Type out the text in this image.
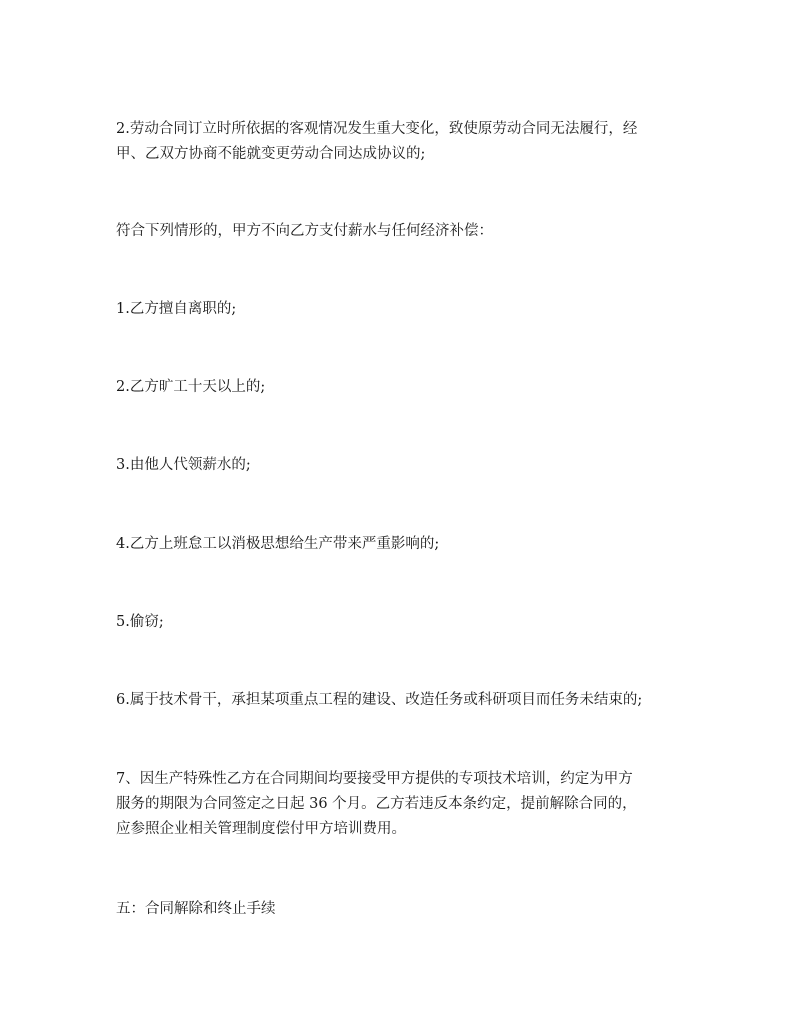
2.劳动合同订立时所依据的客观情况发生重大变化，致使原劳动合同无法履行，经
甲、乙双方协商不能就变更劳动合同达成协议的;

符合下列情形的，甲方不向乙方支付薪水与任何经济补偿：

1.乙方擅自离职的;

2.乙方旷工十天以上的;

3.由他人代领薪水的;

4.乙方上班怠工以消极思想给生产带来严重影响的;

5.偷窃;

6.属于技术骨干，承担某项重点工程的建设、改造任务或科研项目而任务未结束的;

7、因生产特殊性乙方在合同期间均要接受甲方提供的专项技术培训，约定为甲方
服务的期限为合同签定之日起 36 个月。乙方若违反本条约定，提前解除合同的，
应参照企业相关管理制度偿付甲方培训费用。

五：合同解除和终止手续
